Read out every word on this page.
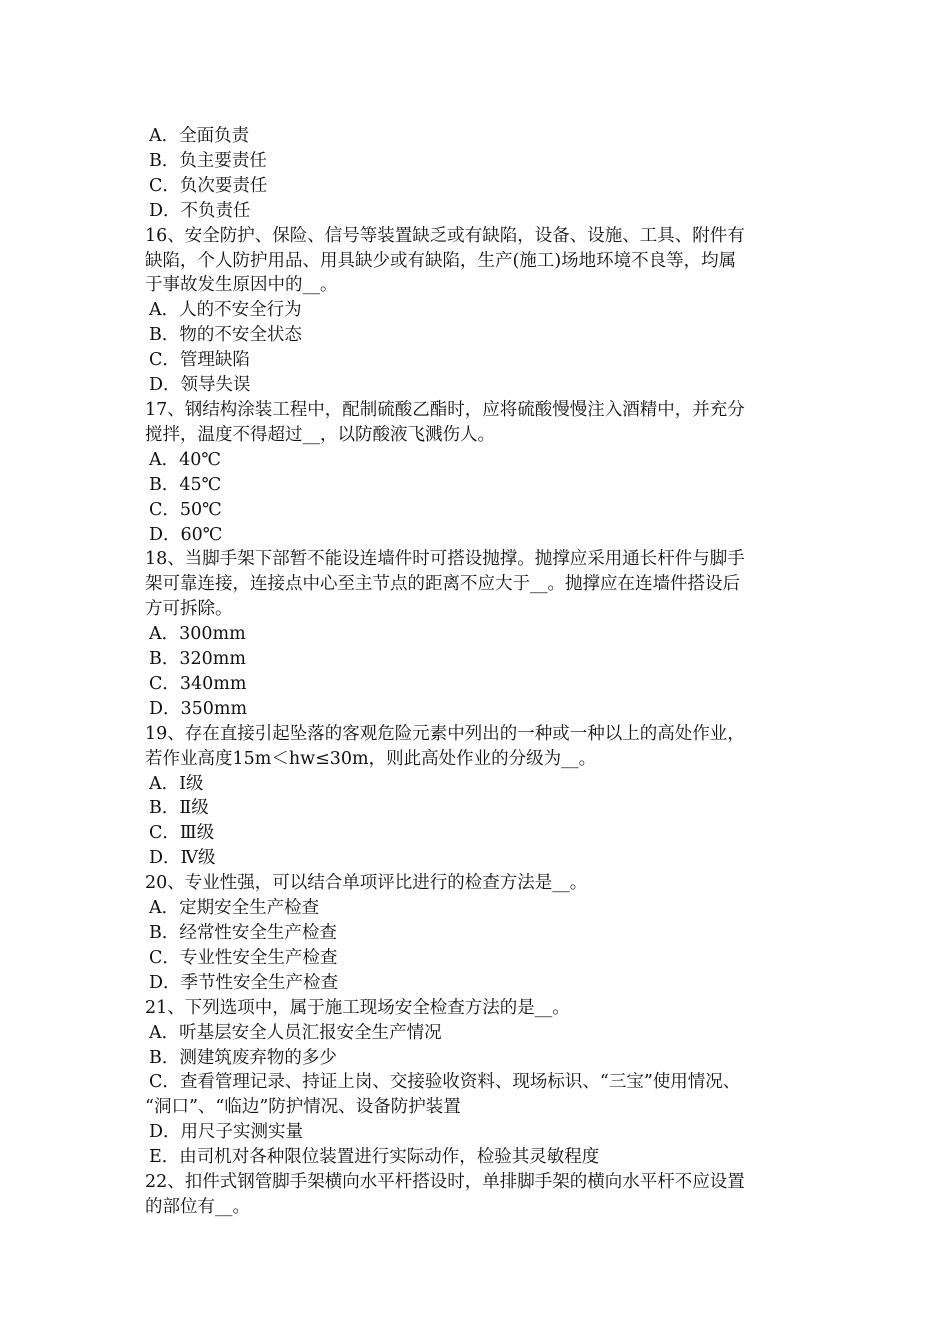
A．全面负责
B．负主要责任
C．负次要责任
D．不负责任
16、安全防护、保险、信号等装置缺乏或有缺陷，设备、设施、工具、附件有
缺陷，个人防护用品、用具缺少或有缺陷，生产(施工)场地环境不良等，均属
于事故发生原因中的__。
A．人的不安全行为
B．物的不安全状态
C．管理缺陷
D．领导失误
17、钢结构涂装工程中，配制硫酸乙酯时，应将硫酸慢慢注入酒精中，并充分
搅拌，温度不得超过__，以防酸液飞溅伤人。
A．40℃
B．45℃
C．50℃
D．60℃
18、当脚手架下部暂不能设连墙件时可搭设抛撑。抛撑应采用通长杆件与脚手
架可靠连接，连接点中心至主节点的距离不应大于__。抛撑应在连墙件搭设后
方可拆除。
A．300mm
B．320mm
C．340mm
D．350mm
19、存在直接引起坠落的客观危险元素中列出的一种或一种以上的高处作业，
若作业高度15m＜hw≤30m，则此高处作业的分级为__。
A．Ⅰ级
B．Ⅱ级
C．Ⅲ级
D．Ⅳ级
20、专业性强，可以结合单项评比进行的检查方法是__。
A．定期安全生产检查
B．经常性安全生产检查
C．专业性安全生产检查
D．季节性安全生产检查
21、下列选项中，属于施工现场安全检查方法的是__。
A．听基层安全人员汇报安全生产情况
B．测建筑废弃物的多少
C．查看管理记录、持证上岗、交接验收资料、现场标识、“三宝”使用情况、
“洞口”、“临边”防护情况、设备防护装置
D．用尺子实测实量
E．由司机对各种限位装置进行实际动作，检验其灵敏程度
22、扣件式钢管脚手架横向水平杆搭设时，单排脚手架的横向水平杆不应设置
的部位有__。
